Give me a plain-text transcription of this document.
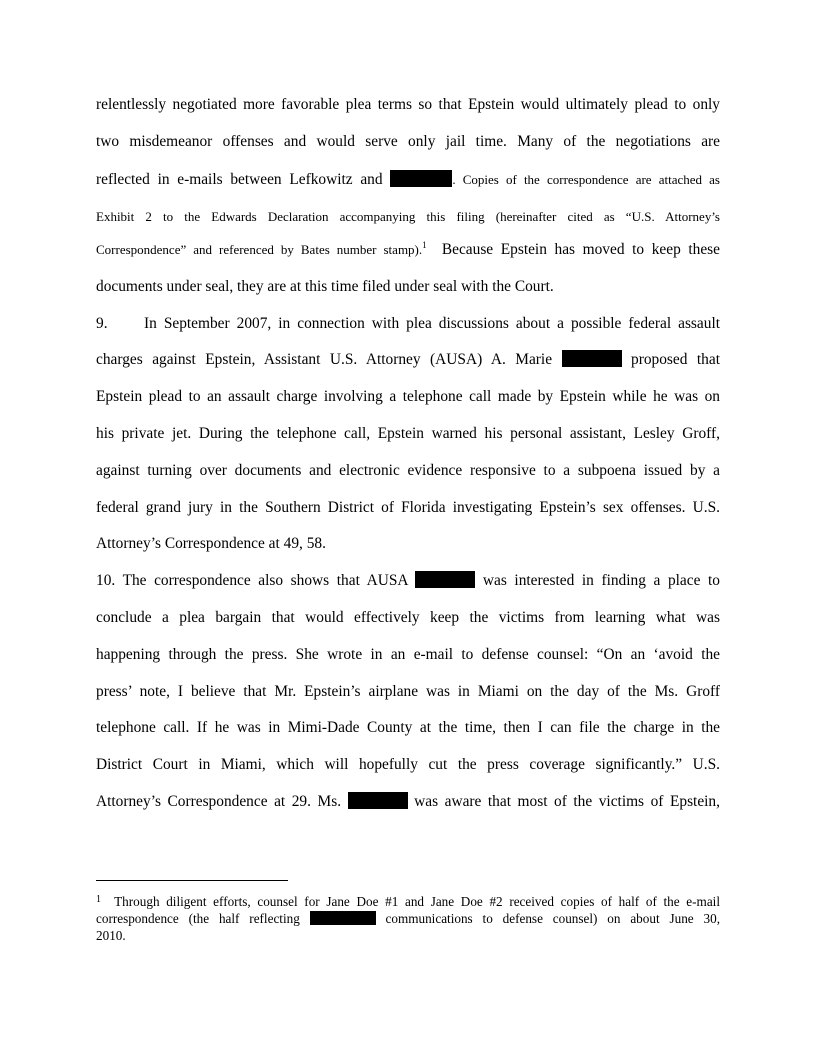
relentlessly negotiated more favorable plea terms so that Epstein would ultimately plead to only
two misdemeanor offenses and would serve only jail time. Many of the negotiations are
reflected in e-mails between Lefkowitz and	. Copies of the correspondence are attached as
Exhibit 2 to the Edwards Declaration accompanying this filing (hereinafter cited as “U.S. Attorney’s
Correspondence” and referenced by Bates number stamp).$^1$ Because Epstein has moved to keep these
documents under seal, they are at this time filed under seal with the Court.
9. In September 2007, in connection with plea discussions about a possible federal assault
charges against Epstein, Assistant U.S. Attorney (AUSA) A. Marie	proposed that
Epstein plead to an assault charge involving a telephone call made by Epstein while he was on
his private jet. During the telephone call, Epstein warned his personal assistant, Lesley Groff,
against turning over documents and electronic evidence responsive to a subpoena issued by a
federal grand jury in the Southern District of Florida investigating Epstein’s sex offenses. U.S.
Attorney’s Correspondence at 49, 58.
10. The correspondence also shows that AUSA	was interested in finding a place to
conclude a plea bargain that would effectively keep the victims from learning what was
happening through the press. She wrote in an e-mail to defense counsel: “On an ‘avoid the
press’ note, I believe that Mr. Epstein’s airplane was in Miami on the day of the Ms. Groff
telephone call. If he was in Mimi-Dade County at the time, then I can file the charge in the
District Court in Miami, which will hopefully cut the press coverage significantly.” U.S.
Attorney’s Correspondence at 29. Ms.	was aware that most of the victims of Epstein,
$^1$ Through diligent efforts, counsel for Jane Doe #1 and Jane Doe #2 received copies of half of the e-mail
correspondence (the half reflecting	communications to defense counsel) on about June 30,
2010.
